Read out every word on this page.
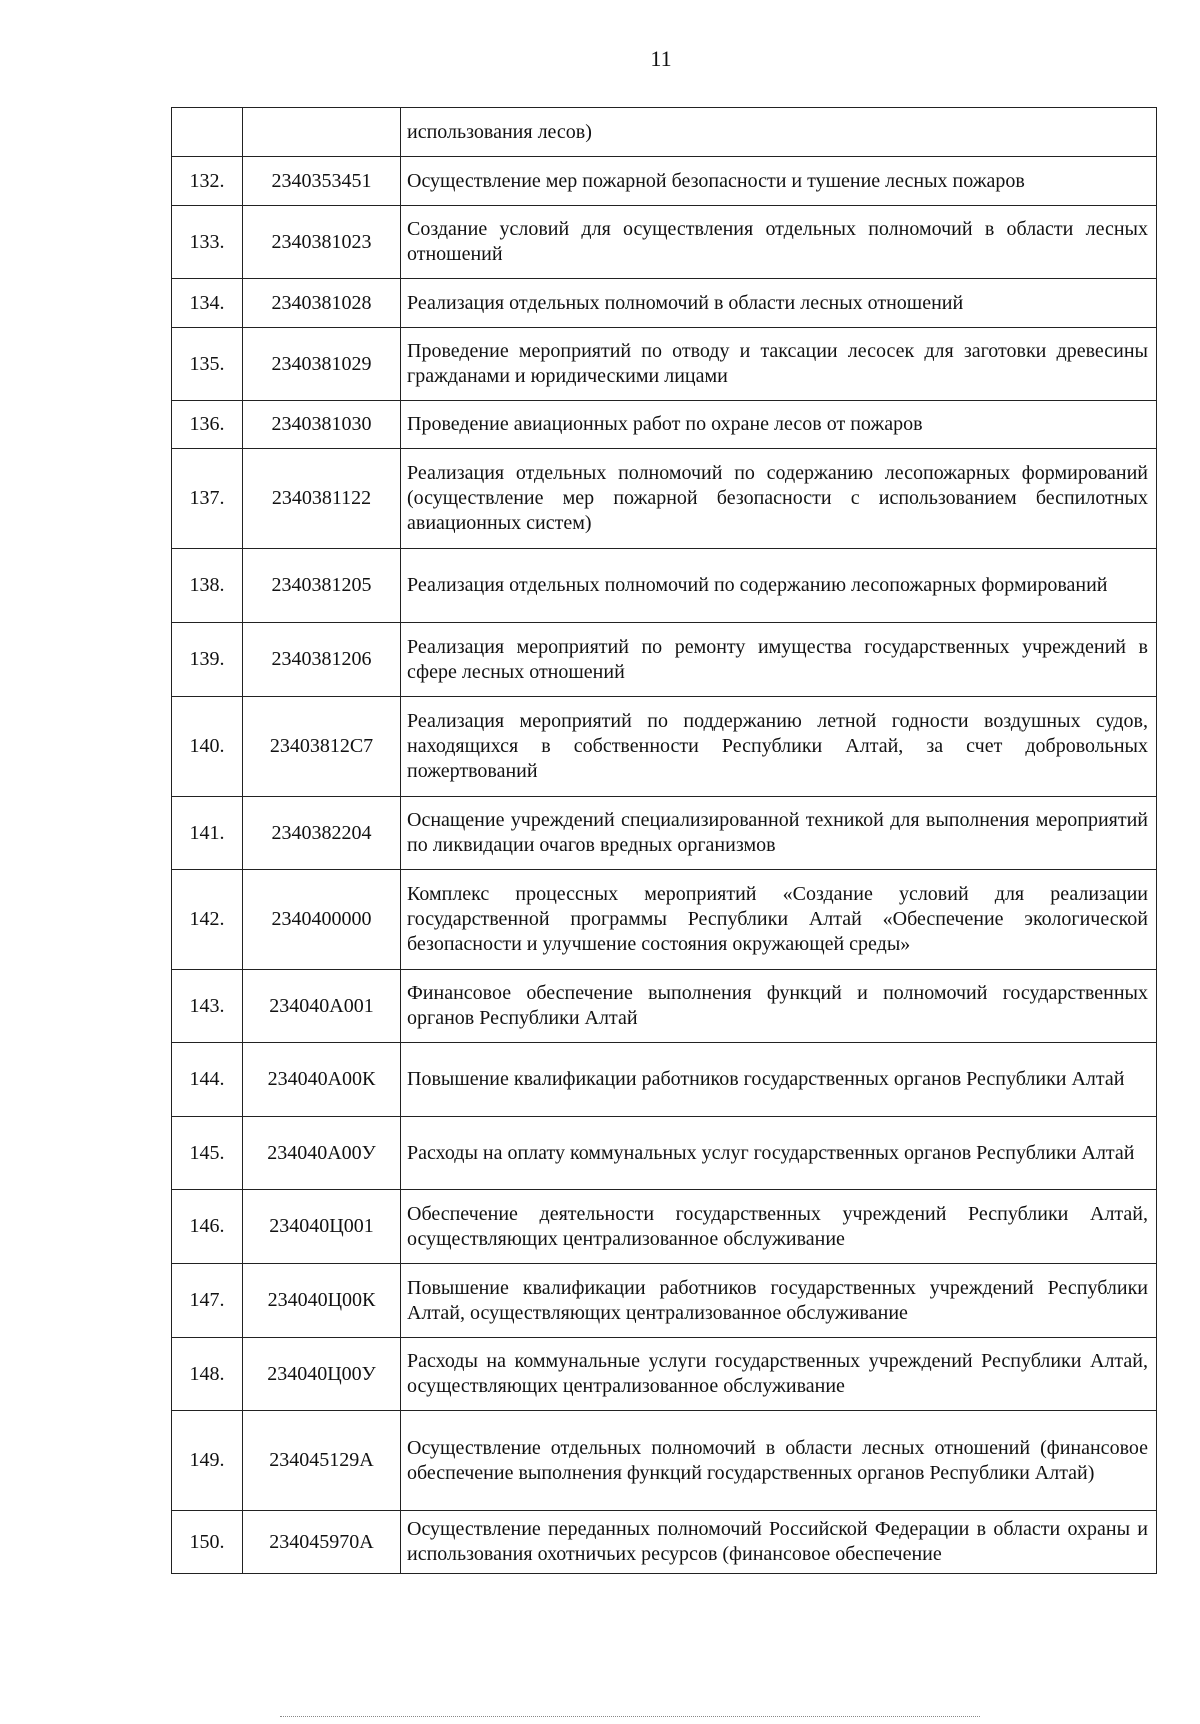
11
		использования лесов)
132.	2340353451	Осуществление мер пожарной безопасности и тушение лесных пожаров
133.	2340381023	Создание условий для осуществления отдельных полномочий в области лесных отношений
134.	2340381028	Реализация отдельных полномочий в области лесных отношений
135.	2340381029	Проведение мероприятий по отводу и таксации лесосек для заготовки древесины гражданами и юридическими лицами
136.	2340381030	Проведение авиационных работ по охране лесов от пожаров
137.	2340381122	Реализация отдельных полномочий по содержанию лесопожарных формирований (осуществление мер пожарной безопасности с использованием беспилотных авиационных систем)
138.	2340381205	Реализация отдельных полномочий по содержанию лесопожарных формирований
139.	2340381206	Реализация мероприятий по ремонту имущества государственных учреждений в сфере лесных отношений
140.	23403812С7	Реализация мероприятий по поддержанию летной годности воздушных судов, находящихся в собственности Республики Алтай, за счет добровольных пожертвований
141.	2340382204	Оснащение учреждений специализированной техникой для выполнения мероприятий по ликвидации очагов вредных организмов
142.	2340400000	Комплекс процессных мероприятий «Создание условий для реализации государственной программы Республики Алтай «Обеспечение экологической безопасности и улучшение состояния окружающей среды»
143.	234040А001	Финансовое обеспечение выполнения функций и полномочий государственных органов Республики Алтай
144.	234040А00К	Повышение квалификации работников государственных органов Республики Алтай
145.	234040А00У	Расходы на оплату коммунальных услуг государственных органов Республики Алтай
146.	234040Ц001	Обеспечение деятельности государственных учреждений Республики Алтай, осуществляющих централизованное обслуживание
147.	234040Ц00К	Повышение квалификации работников государственных учреждений Республики Алтай, осуществляющих централизованное обслуживание
148.	234040Ц00У	Расходы на коммунальные услуги государственных учреждений Республики Алтай, осуществляющих централизованное обслуживание
149.	234045129А	Осуществление отдельных полномочий в области лесных отношений (финансовое обеспечение выполнения функций государственных органов Республики Алтай)
150.	234045970А	Осуществление переданных полномочий Российской Федерации в области охраны и использования охотничьих ресурсов (финансовое обеспечение
